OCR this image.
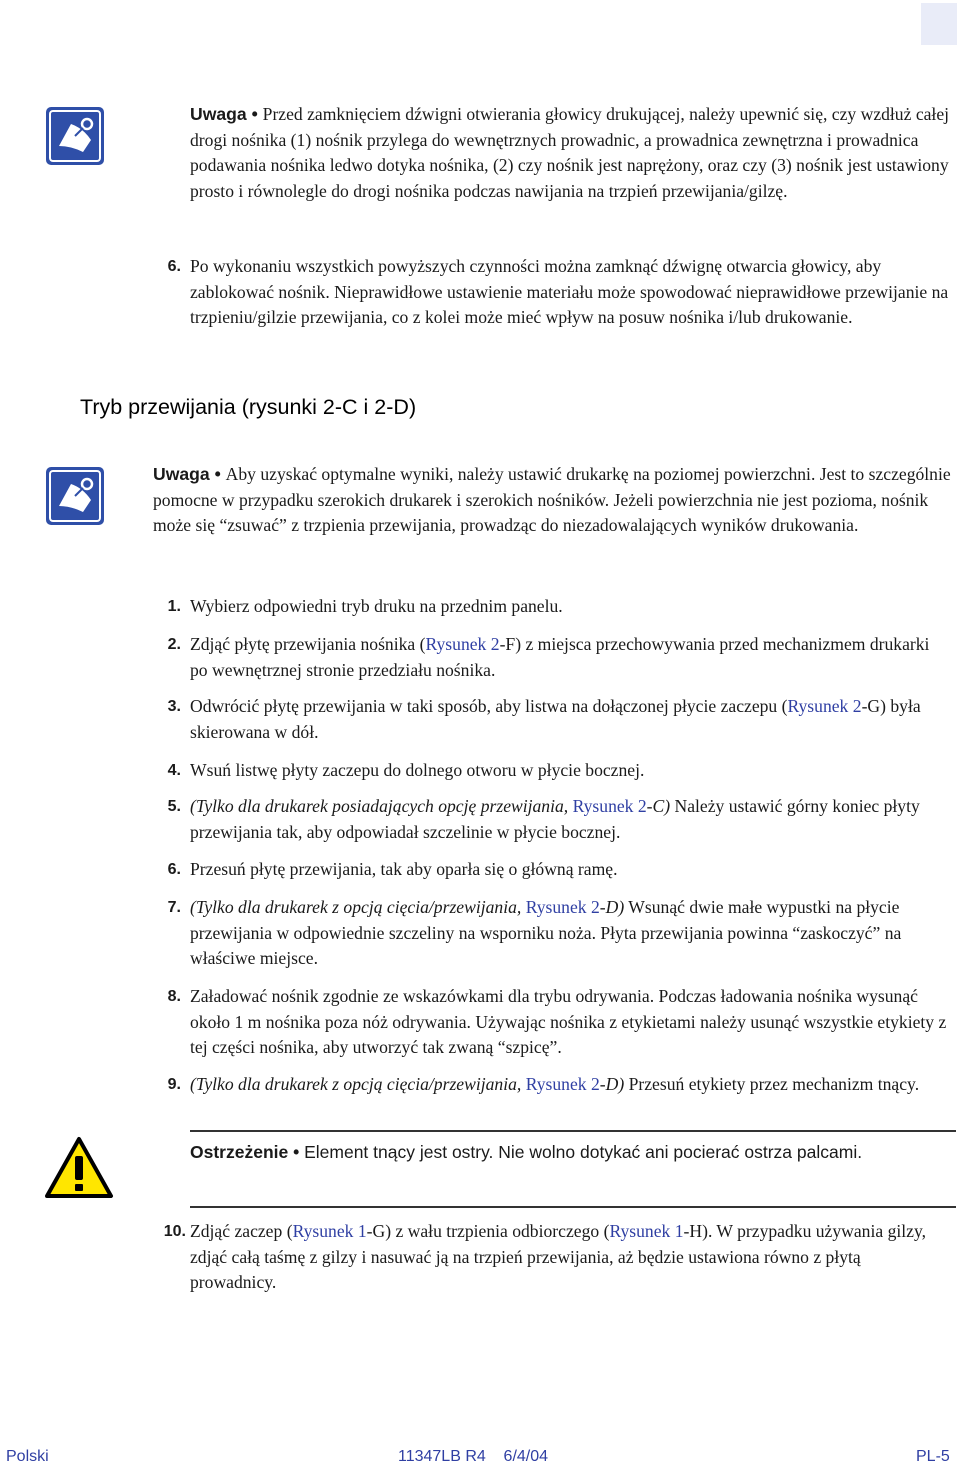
Uwaga • Przed zamknięciem dźwigni otwierania głowicy drukującej, należy upewnić się, czy wzdłuż całej drogi nośnika (1) nośnik przylega do wewnętrznych prowadnic, a prowadnica zewnętrzna i prowadnica podawania nośnika ledwo dotyka nośnika, (2) czy nośnik jest naprężony, oraz czy (3) nośnik jest ustawiony prosto i równolegle do drogi nośnika podczas nawijania na trzpień przewijania/gilzę.
6. Po wykonaniu wszystkich powyższych czynności można zamknąć dźwignę otwarcia głowicy, aby zablokować nośnik. Nieprawidłowe ustawienie materiału może spowodować nieprawidłowe przewijanie na trzpieniu/gilzie przewijania, co z kolei może mieć wpływ na posuw nośnika i/lub drukowanie.
Tryb przewijania (rysunki 2-C i 2-D)
Uwaga • Aby uzyskać optymalne wyniki, należy ustawić drukarkę na poziomej powierzchni. Jest to szczególnie pomocne w przypadku szerokich drukarek i szerokich nośników. Jeżeli powierzchnia nie jest pozioma, nośnik może się “zsuwać” z trzpienia przewijania, prowadząc do niezadowalających wyników drukowania.
1. Wybierz odpowiedni tryb druku na przednim panelu.
2. Zdjąć płytę przewijania nośnika (Rysunek 2-F) z miejsca przechowywania przed mechanizmem drukarki po wewnętrznej stronie przedziału nośnika.
3. Odwrócić płytę przewijania w taki sposób, aby listwa na dołączonej płycie zaczepu (Rysunek 2-G) była skierowana w dół.
4. Wsuń listwę płyty zaczepu do dolnego otworu w płycie bocznej.
5. (Tylko dla drukarek posiadających opcję przewijania, Rysunek 2-C) Należy ustawić górny koniec płyty przewijania tak, aby odpowiadał szczelinie w płycie bocznej.
6. Przesuń płytę przewijania, tak aby oparła się o główną ramę.
7. (Tylko dla drukarek z opcją cięcia/przewijania, Rysunek 2-D) Wsunąć dwie małe wypustki na płycie przewijania w odpowiednie szczeliny na wsporniku noża. Płyta przewijania powinna “zaskoczyć” na właściwe miejsce.
8. Załadować nośnik zgodnie ze wskazówkami dla trybu odrywania. Podczas ładowania nośnika wysunąć około 1 m nośnika poza nóż odrywania. Używając nośnika z etykietami należy usunąć wszystkie etykiety z tej części nośnika, aby utworzyć tak zwaną “szpicę”.
9. (Tylko dla drukarek z opcją cięcia/przewijania, Rysunek 2-D) Przesuń etykiety przez mechanizm tnący.
Ostrzeżenie • Element tnący jest ostry. Nie wolno dotykać ani pocierać ostrza palcami.
10. Zdjąć zaczep (Rysunek 1-G) z wału trzpienia odbiorczego (Rysunek 1-H). W przypadku używania gilzy, zdjąć całą taśmę z gilzy i nasuwać ją na trzpień przewijania, aż będzie ustawiona równo z płytą prowadnicy.
Polski	11347LB R4    6/4/04	PL-5
